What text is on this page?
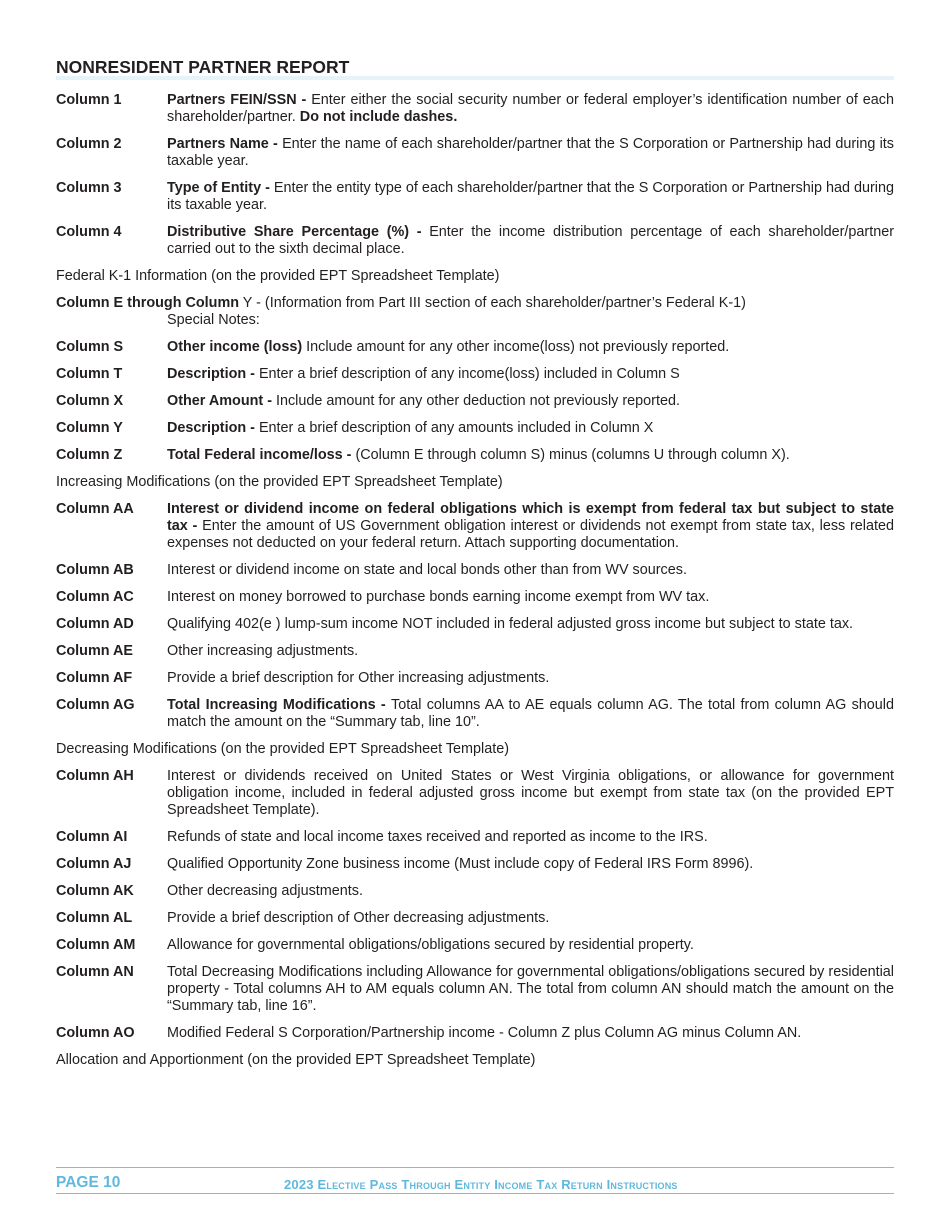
NONRESIDENT PARTNER REPORT
Column 1	Partners FEIN/SSN - Enter either the social security number or federal employer’s identification number of each shareholder/partner. Do not include dashes.
Column 2	Partners Name - Enter the name of each shareholder/partner that the S Corporation or Partnership had during its taxable year.
Column 3	Type of Entity - Enter the entity type of each shareholder/partner that the S Corporation or Partnership had during its taxable year.
Column 4	Distributive Share Percentage (%) - Enter the income distribution percentage of each shareholder/partner carried out to the sixth decimal place.
Federal K-1 Information (on the provided EPT Spreadsheet Template)
Column E through Column Y - (Information from Part III section of each shareholder/partner’s Federal K-1)
Special Notes:
Column S	Other income (loss) Include amount for any other income(loss) not previously reported.
Column T	Description - Enter a brief description of any income(loss) included in Column S
Column X	Other Amount - Include amount for any other deduction not previously reported.
Column Y	Description - Enter a brief description of any amounts included in Column X
Column Z	Total Federal income/loss - (Column E through column S) minus (columns U through column X).
Increasing Modifications (on the provided EPT Spreadsheet Template)
Column AA	Interest or dividend income on federal obligations which is exempt from federal tax but subject to state tax - Enter the amount of US Government obligation interest or dividends not exempt from state tax, less related expenses not deducted on your federal return. Attach supporting documentation.
Column AB	Interest or dividend income on state and local bonds other than from WV sources.
Column AC	Interest on money borrowed to purchase bonds earning income exempt from WV tax.
Column AD	Qualifying 402(e ) lump-sum income NOT included in federal adjusted gross income but subject to state tax.
Column AE	Other increasing adjustments.
Column AF	Provide a brief description for Other increasing adjustments.
Column AG	Total Increasing Modifications - Total columns AA to AE equals column AG. The total from column AG should match the amount on the “Summary tab, line 10”.
Decreasing Modifications (on the provided EPT Spreadsheet Template)
Column AH	Interest or dividends received on United States or West Virginia obligations, or allowance for government obligation income, included in federal adjusted gross income but exempt from state tax (on the provided EPT Spreadsheet Template).
Column AI	Refunds of state and local income taxes received and reported as income to the IRS.
Column AJ	Qualified Opportunity Zone business income (Must include copy of Federal IRS Form 8996).
Column AK	Other decreasing adjustments.
Column AL	Provide a brief description of Other decreasing adjustments.
Column AM	Allowance for governmental obligations/obligations secured by residential property.
Column AN	Total Decreasing Modifications including Allowance for governmental obligations/obligations secured by residential property - Total columns AH to AM equals column AN. The total from column AN should match the amount on the “Summary tab, line 16”.
Column AO	Modified Federal S Corporation/Partnership income - Column Z plus Column AG minus Column AN.
Allocation and Apportionment (on the provided EPT Spreadsheet Template)
PAGE 10	2023 Elective Pass Through Entity Income Tax Return Instructions
